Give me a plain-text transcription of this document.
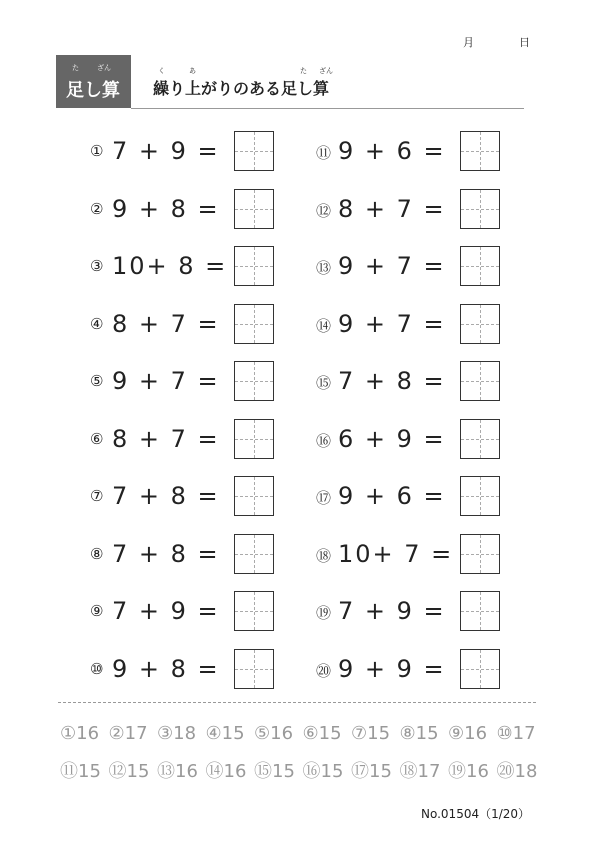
月	日
た	ざん
足し算
く	あ	た ざん
繰り上がりのある足し算
① 7 + 9 =
② 9 + 8 =
③ 10+ 8 =
④ 8 + 7 =
⑤ 9 + 7 =
⑥ 8 + 7 =
⑦ 7 + 8 =
⑧ 7 + 8 =
⑨ 7 + 9 =
⑩ 9 + 8 =
⑪ 9 + 6 =
⑫ 8 + 7 =
⑬ 9 + 7 =
⑭ 9 + 7 =
⑮ 7 + 8 =
⑯ 6 + 9 =
⑰ 9 + 6 =
⑱ 10+ 7 =
⑲ 7 + 9 =
⑳ 9 + 9 =
①16 ②17 ③18 ④15 ⑤16 ⑥15 ⑦15 ⑧15 ⑨16 ⑩17
⑪15 ⑫15 ⑬16 ⑭16 ⑮15 ⑯15 ⑰15 ⑱17 ⑲16 ⑳18
No.01504（1/20）
